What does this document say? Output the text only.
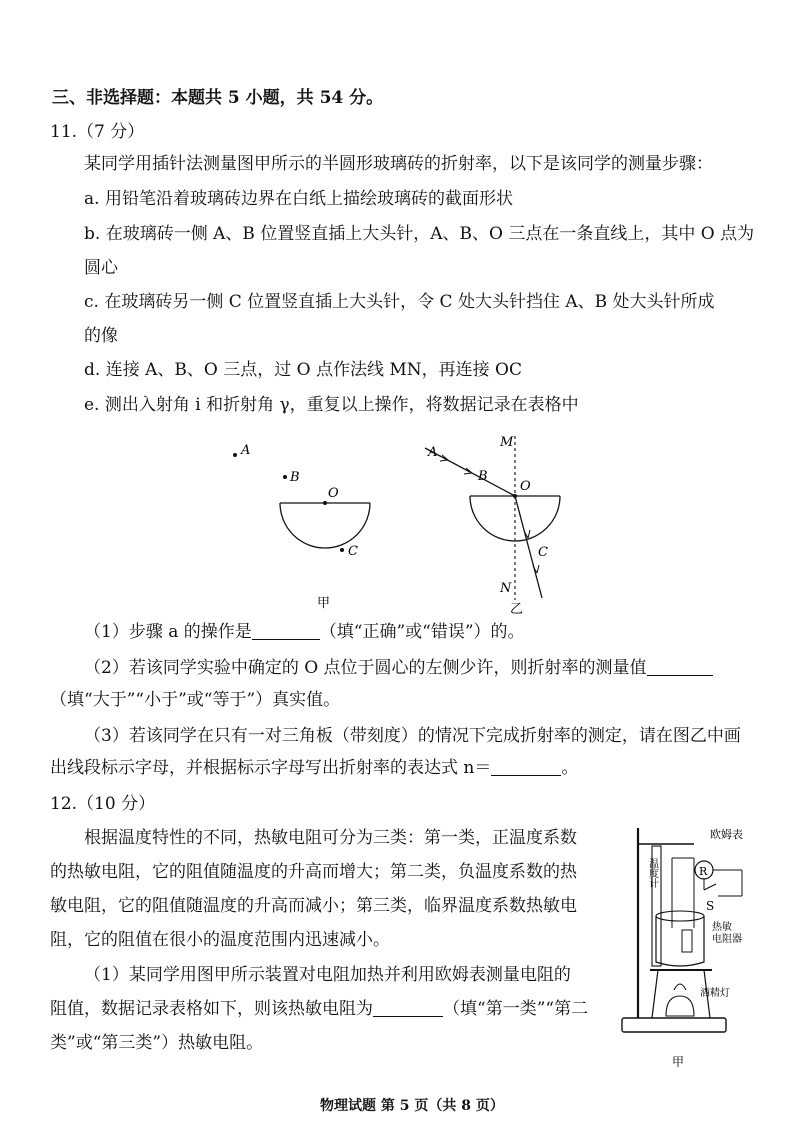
三、非选择题：本题共 5 小题，共 54 分。
11.（7 分）
某同学用插针法测量图甲所示的半圆形玻璃砖的折射率，以下是该同学的测量步骤：
a. 用铅笔沿着玻璃砖边界在白纸上描绘玻璃砖的截面形状
b. 在玻璃砖一侧 A、B 位置竖直插上大头针，A、B、O 三点在一条直线上，其中 O 点为
圆心
c. 在玻璃砖另一侧 C 位置竖直插上大头针，令 C 处大头针挡住 A、B 处大头针所成
的像
d. 连接 A、B、O 三点，过 O 点作法线 MN，再连接 OC
e. 测出入射角 i 和折射角 γ，重复以上操作，将数据记录在表格中
A
B
O
C
甲
M
N
A
B
O
C
乙
（1）步骤 a 的操作是	（填“正确”或“错误”）的。
（2）若该同学实验中确定的 O 点位于圆心的左侧少许，则折射率的测量值
（填“大于”“小于”或“等于”）真实值。
（3）若该同学在只有一对三角板（带刻度）的情况下完成折射率的测定，请在图乙中画
出线段标示字母，并根据标示字母写出折射率的表达式 n＝	。
12.（10 分）
根据温度特性的不同，热敏电阻可分为三类：第一类，正温度系数
的热敏电阻，它的阻值随温度的升高而增大；第二类，负温度系数的热
敏电阻，它的阻值随温度的升高而减小；第三类，临界温度系数热敏电
阻，它的阻值在很小的温度范围内迅速减小。
（1）某同学用图甲所示装置对电阻加热并利用欧姆表测量电阻的
阻值，数据记录表格如下，则该热敏电阻为	（填“第一类”“第二
类”或“第三类”）热敏电阻。
温度计	R
S
欧姆表
热敏
电阻器
酒精灯
甲
物理试题 第 5 页（共 8 页）
